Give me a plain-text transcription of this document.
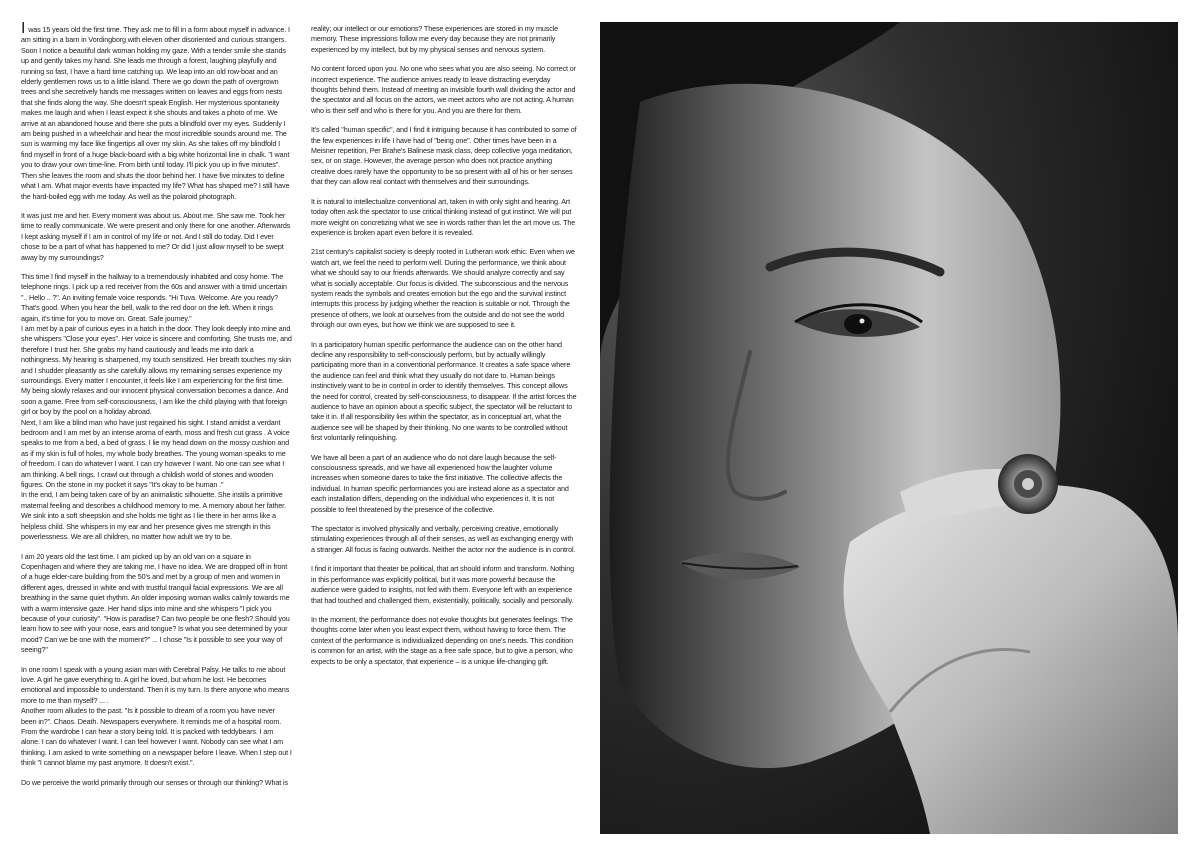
I was 15 years old the first time. They ask me to fill in a form about myself in advance. I am sitting in a barn in Vordingborg with eleven other disoriented and curious strangers. Soon I notice a beautiful dark woman holding my gaze. With a tender smile she stands up and gently takes my hand. She leads me through a forest, laughing playfully and running so fast, I have a hard time catching up. We leap into an old row-boat and an elderly gentlemen rows us to a little island. There we go down the path of overgrown trees and she secretively hands me messages written on leaves and eggs from nests that she finds along the way. She doesn't speak English. Her mysterious spontaneity makes me laugh and when I least expect it she shouts and takes a photo of me. We arrive at an abandoned house and there she puts a blindfold over my eyes. Suddenly I am being pushed in a wheelchair and hear the most incredible sounds around me. The sun is warming my face like fingertips all over my skin. As she takes off my blindfold I find myself in front of a huge black-board with a big white horizontal line in chalk. "I want you to draw your own time-line. From birth until today. I'll pick you up in five minutes". Then she leaves the room and shuts the door behind her. I have five minutes to define what I am. What major events have impacted my life? What has shaped me? I still have the hard-boiled egg with me today. As well as the polaroid photograph.

It was just me and her. Every moment was about us. About me. She saw me. Took her time to really communicate. We were present and only there for one another. Afterwards I kept asking myself if I am in control of my life or not. And I still do today. Did I ever chose to be a part of what has happened to me? Or did I just allow myself to be swept away by my surroundings?

This time I find myself in the hallway to a tremendously inhabited and cosy home. The telephone rings. I pick up a red receiver from the 60s and answer with a timid uncertain ".. Hello .. ?". An inviting female voice responds. "Hi Tuva. Welcome. Are you ready? That's good. When you hear the bell, walk to the red door on the left. When it rings again, it's time for you to move on. Great. Safe journey."
I am met by a pair of curious eyes in a hatch in the door. They look deeply into mine and she whispers "Close your eyes". Her voice is sincere and comforting. She trusts me, and therefore I trust her. She grabs my hand cautiously and leads me into dark a nothingness. My hearing is sharpened, my touch sensitized. Her breath touches my skin and I shudder pleasantly as she carefully allows my remaining senses experience my surroundings. Every matter I encounter, it feels like I am experiencing for the first time. My being slowly relaxes and our innocent physical conversation becomes a dance. And soon a game. Free from self-consciousness, I am like the child playing with that foreign girl or boy by the pool on a holiday abroad.
Next, I am like a blind man who have just regained his sight. I stand amidst a verdant bedroom and I am met by an intense aroma of earth, moss and fresh cut grass . A voice speaks to me from a bed, a bed of grass. I lie my head down on the mossy cushion and as if my skin is full of holes, my whole body breathes. The young woman speaks to me of freedom. I can do whatever I want. I can cry however I want. No one can see what I am thinking. A bell rings. I crawl out through a childish world of stones and wooden figures. On the stone in my pocket it says "It's okay to be human ."
In the end, I am being taken care of by an animalistic silhouette. She instils a primitive maternal feeling and describes a childhood memory to me. A memory about her father. We sink into a soft sheepskin and she holds me tight as I lie there in her arms like a helpless child. She whispers in my ear and her presence gives me strength in this powerlessness. We are all children, no matter how adult we try to be.

I am 20 years old the last time. I am picked up by an old van on a square in Copenhagen and where they are taking me, I have no idea. We are dropped off in front of a huge elder-care building from the 50's and met by a group of men and women in different ages, dressed in white and with trustful tranquil facial expressions. We are all breathing in the same quiet rhythm. An older imposing woman walks calmly towards me with a warm intensive gaze. Her hand slips into mine and she whispers "I pick you because of your curiosity". "How is paradise? Can two people be one flesh? Should you learn how to see with your nose, ears and tongue? Is what you see determined by your mood? Can we be one with the moment?" ... I chose "Is it possible to see your way of seeing?"

In one room I speak with a young asian man with Cerebral Palsy. He talks to me about love. A girl he gave everything to. A girl he loved, but whom he lost. He becomes emotional and impossible to understand. Then it is my turn. Is there anyone who means more to me than myself? ... .
Another room alludes to the past. "Is it possible to dream of a room you have never been in?". Chaos. Death. Newspapers everywhere. It reminds me of a hospital room. From the wardrobe I can hear a story being told. It is packed with teddybears. I am alone. I can do whatever I want. I can feel however I want. Nobody can see what I am thinking. I am asked to write something on a newspaper before I leave. When I step out I think "I cannot blame my past anymore. It doesn't exist.".

Do we perceive the world primarily through our senses or through our thinking? What is

reality; our intellect or our emotions? These experiences are stored in my muscle memory. These impressions follow me every day because they are not primarily experienced by my intellect, but by my physical senses and nervous system.

No content forced upon you. No one who sees what you are also seeing. No correct or incorrect experience. The audience arrives ready to leave distracting everyday thoughts behind them. Instead of meeting an invisible fourth wall dividing the actor and the spectator and all focus on the actors, we meet actors who are not acting. A human who is their self and who is there for you. And you are there for them.

It's called "human specific", and I find it intriguing because it has contributed to some of the few experiences in life I have had of "being one". Other times have been in a Meisner repetition, Per Brahe's Balinese mask class, deep collective yoga meditation, sex, or on stage. However, the average person who does not practice anything creative does rarely have the opportunity to be so present with all of his or her senses that they can allow real contact with themselves and their surroundings.

It is natural to intellectualize conventional art, taken in with only sight and hearing. Art today often ask the spectator to use critical thinking instead of gut instinct. We will put more weight on concretizing what we see in words rather than let the art move us. The experience is broken apart even before it is revealed.

21st century's capitalist society is deeply rooted in Lutheran work ethic. Even when we watch art, we feel the need to perform well. During the performance, we think about what we should say to our friends afterwards. We should analyze correctly and say what is socially acceptable. Our focus is divided. The subconscious and the nervous system reads the symbols and creates emotion but the ego and the survival instinct interrupts this process by judging whether the reaction is suitable or not. Through the presence of others, we look at ourselves from the outside and do not see the world through our own eyes, but how we think we are supposed to see it.

In a participatory human specific performance the audience can on the other hand decline any responsibility to self-consciously perform, but by actually willingly participating more than in a conventional performance. It creates a safe space where the audience can feel and think what they usually do not dare to. Human beings instinctively want to be in control in order to identify themselves. This concept allows the need for control, created by self-consciousness, to disappear. If the artist forces the audience to have an opinion about a specific subject, the spectator will be reluctant to take it in. If all responsibility lies within the spectator, as in conceptual art, what the audience see will be shaped by their thinking. No one wants to be controlled without first voluntarily relinquishing.

We have all been a part of an audience who do not dare laugh because the self-consciousness spreads, and we have all experienced how the laughter volume increases when someone dares to take the first initiative. The collective affects the individual. In human specific performances you are instead alone as a spectator and each installation differs, depending on the individual who experiences it. It is not possible to feel threatened by the presence of the collective.

The spectator is involved physically and verbally, perceiving creative, emotionally stimulating experiences through all of their senses, as well as exchanging energy with a stranger. All focus is facing outwards. Neither the actor nor the audience is in control.

I find it important that theater be political, that art should inform and transform. Nothing in this performance was explicitly political, but it was more powerful because the audience were guided to insights, not fed with them. Everyone left with an experience that had touched and challenged them, existentially, politically, socially and personally.

In the moment, the performance does not evoke thoughts but generates feelings. The thoughts come later when you least expect them, without having to force them. The context of the performance is individualized depending on one's needs. This condition is common for an artist, with the stage as a free safe space, but to give a person, who expects to be only a spectator, that experience – is a unique life-changing gift.
